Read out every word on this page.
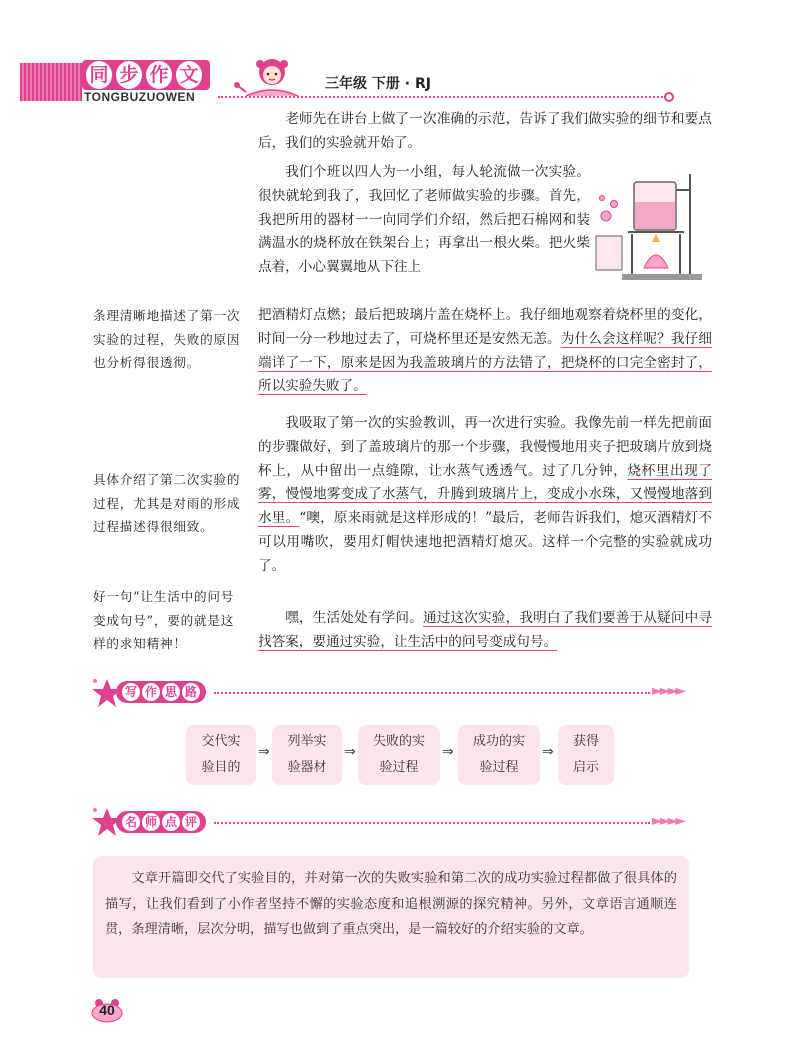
同 步 作 文
TONGBUZUOWEN
三年级 下册 · RJ
老师先在讲台上做了一次准确的示范，告诉了我们做实验的细节和要点后，我们的实验就开始了。
我们个班以四人为一小组，每人轮流做一次实验。很快就轮到我了，我回忆了老师做实验的步骤。首先，我把所用的器材一一向同学们介绍，然后把石棉网和装满温水的烧杯放在铁架台上；再拿出一根火柴。把火柴点着，小心翼翼地从下往上
把酒精灯点燃；最后把玻璃片盖在烧杯上。我仔细地观察着烧杯里的变化，时间一分一秒地过去了，可烧杯里还是安然无恙。为什么会这样呢？我仔细端详了一下，原来是因为我盖玻璃片的方法错了，把烧杯的口完全密封了，所以实验失败了。
我吸取了第一次的实验教训，再一次进行实验。我像先前一样先把前面的步骤做好，到了盖玻璃片的那一个步骤，我慢慢地用夹子把玻璃片放到烧杯上，从中留出一点缝隙，让水蒸气透透气。过了几分钟，烧杯里出现了雾，慢慢地雾变成了水蒸气，升腾到玻璃片上，变成小水珠，又慢慢地落到水里。“噢，原来雨就是这样形成的！”最后，老师告诉我们，熄灭酒精灯不可以用嘴吹，要用灯帽快速地把酒精灯熄灭。这样一个完整的实验就成功了。
嘿，生活处处有学问。通过这次实验，我明白了我们要善于从疑问中寻找答案，要通过实验，让生活中的问号变成句号。
条理清晰地描述了第一次实验的过程，失败的原因也分析得很透彻。
具体介绍了第二次实验的过程，尤其是对雨的形成过程描述得很细致。
好一句“让生活中的问号变成句号”，要的就是这样的求知精神！
写 作 思 路	►►►►
交代实
验目的
⇒
列举实
验器材
⇒
失败的实
验过程
⇒
成功的实
验过程
⇒
获得
启示
名 师 点 评	►►►►

文章开篇即交代了实验目的，并对第一次的失败实验和第二次的成功实验过程都做了很具体的描写，让我们看到了小作者坚持不懈的实验态度和追根溯源的探究精神。另外，文章语言通顺连贯，条理清晰，层次分明，描写也做到了重点突出，是一篇较好的介绍实验的文章。

40
